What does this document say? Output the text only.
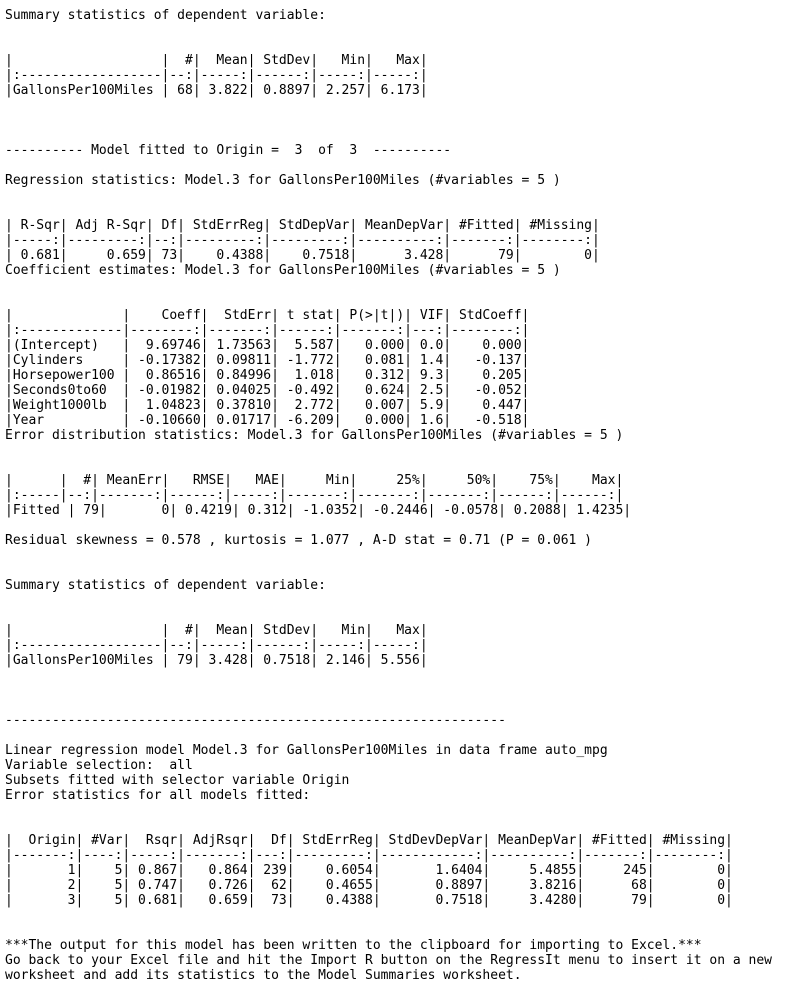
Summary statistics of dependent variable:
|                   |  #|  Mean| StdDev|   Min|   Max|
|:------------------|--:|-----:|------:|-----:|-----:|
|GallonsPer100Miles | 68| 3.822| 0.8897| 2.257| 6.173|
---------- Model fitted to Origin =  3  of  3  ----------
Regression statistics: Model.3 for GallonsPer100Miles (#variables = 5 )
| R-Sqr| Adj R-Sqr| Df| StdErrReg| StdDepVar| MeanDepVar| #Fitted| #Missing|
|-----:|---------:|--:|---------:|---------:|----------:|-------:|--------:|
| 0.681|     0.659| 73|    0.4388|    0.7518|      3.428|      79|        0|
Coefficient estimates: Model.3 for GallonsPer100Miles (#variables = 5 )
|              |    Coeff|  StdErr| t stat| P(>|t|)| VIF| StdCoeff|
|:-------------|--------:|-------:|------:|-------:|---:|--------:|
|(Intercept)   |  9.69746| 1.73563|  5.587|   0.000| 0.0|    0.000|
|Cylinders     | -0.17382| 0.09811| -1.772|   0.081| 1.4|   -0.137|
|Horsepower100 |  0.86516| 0.84996|  1.018|   0.312| 9.3|    0.205|
|Seconds0to60  | -0.01982| 0.04025| -0.492|   0.624| 2.5|   -0.052|
|Weight1000lb  |  1.04823| 0.37810|  2.772|   0.007| 5.9|    0.447|
|Year          | -0.10660| 0.01717| -6.209|   0.000| 1.6|   -0.518|
Error distribution statistics: Model.3 for GallonsPer100Miles (#variables = 5 )
|      |  #| MeanErr|   RMSE|   MAE|     Min|     25%|     50%|    75%|    Max|
|:-----|--:|-------:|------:|-----:|-------:|-------:|-------:|------:|------:|
|Fitted | 79|       0| 0.4219| 0.312| -1.0352| -0.2446| -0.0578| 0.2088| 1.4235|
Residual skewness = 0.578 , kurtosis = 1.077 , A-D stat = 0.71 (P = 0.061 )
Summary statistics of dependent variable:
|                   |  #|  Mean| StdDev|   Min|   Max|
|:------------------|--:|-----:|------:|-----:|-----:|
|GallonsPer100Miles | 79| 3.428| 0.7518| 2.146| 5.556|
----------------------------------------------------------------
Linear regression model Model.3 for GallonsPer100Miles in data frame auto_mpg
Variable selection:  all
Subsets fitted with selector variable Origin
Error statistics for all models fitted:
|  Origin| #Var|  Rsqr| AdjRsqr|  Df| StdErrReg| StdDevDepVar| MeanDepVar| #Fitted| #Missing|
|-------:|----:|-----:|-------:|---:|---------:|------------:|----------:|-------:|--------:|
|       1|    5| 0.867|   0.864| 239|    0.6054|       1.6404|     5.4855|     245|        0|
|       2|    5| 0.747|   0.726|  62|    0.4655|       0.8897|     3.8216|      68|        0|
|       3|    5| 0.681|   0.659|  73|    0.4388|       0.7518|     3.4280|      79|        0|
***The output for this model has been written to the clipboard for importing to Excel.***
Go back to your Excel file and hit the Import R button on the RegressIt menu to insert it on a new worksheet and add its statistics to the Model Summaries worksheet.
